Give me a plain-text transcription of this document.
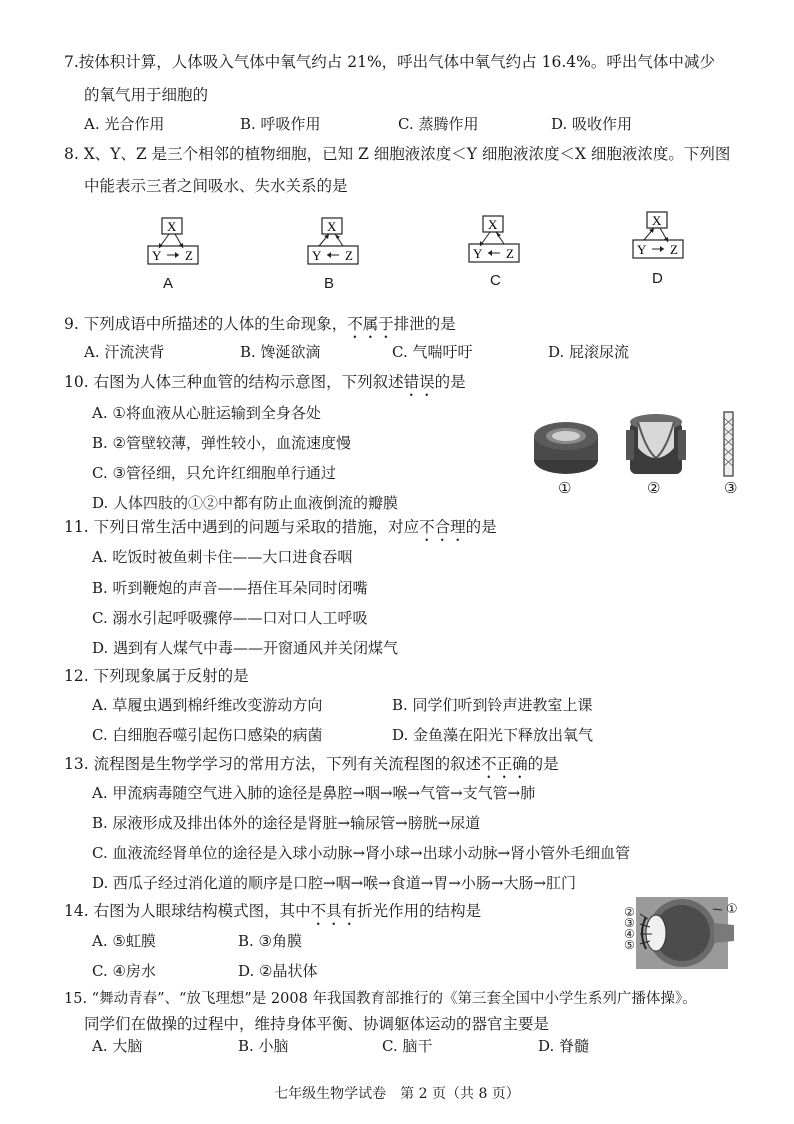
7.按体积计算，人体吸入气体中氧气约占 21%，呼出气体中氧气约占 16.4%。呼出气体中减少
的氧气用于细胞的
A. 光合作用	B. 呼吸作用	C. 蒸腾作用	D. 吸收作用
8. X、Y、Z 是三个相邻的植物细胞，已知 Z 细胞液浓度＜Y 细胞液浓度＜X 细胞液浓度。下列图
中能表示三者之间吸水、失水关系的是
X
Y Z
A
X
Y Z
B
X
Y Z
C
X
Y Z
D
9. 下列成语中所描述的人体的生命现象，不属于排泄的是
A. 汗流浃背	B. 馋涎欲滴	C. 气喘吁吁	D. 屁滚尿流
10. 右图为人体三种血管的结构示意图，下列叙述错误的是
A. ①将血液从心脏运输到全身各处
B. ②管壁较薄，弹性较小，血流速度慢
C. ③管径细，只允许红细胞单行通过
D. 人体四肢的①②中都有防止血液倒流的瓣膜
①	②	③
11. 下列日常生活中遇到的问题与采取的措施，对应不合理的是
A. 吃饭时被鱼刺卡住——大口进食吞咽
B. 听到鞭炮的声音——捂住耳朵同时闭嘴
C. 溺水引起呼吸骤停——口对口人工呼吸
D. 遇到有人煤气中毒——开窗通风并关闭煤气
12. 下列现象属于反射的是
A. 草履虫遇到棉纤维改变游动方向	B. 同学们听到铃声进教室上课
C. 白细胞吞噬引起伤口感染的病菌	D. 金鱼藻在阳光下释放出氧气
13. 流程图是生物学学习的常用方法，下列有关流程图的叙述不正确的是
A. 甲流病毒随空气进入肺的途径是鼻腔→咽→喉→气管→支气管→肺
B. 尿液形成及排出体外的途径是肾脏→输尿管→膀胱→尿道
C. 血液流经肾单位的途径是入球小动脉→肾小球→出球小动脉→肾小管外毛细血管
D. 西瓜子经过消化道的顺序是口腔→咽→喉→食道→胃→小肠→大肠→肛门
14. 右图为人眼球结构模式图，其中不具有折光作用的结构是
A. ⑤虹膜	B. ③角膜
C. ④房水	D. ②晶状体
①
②
③
④
⑤
15. “舞动青春”、“放飞理想”是 2008 年我国教育部推行的《第三套全国中小学生系列广播体操》。
同学们在做操的过程中，维持身体平衡、协调躯体运动的器官主要是
A. 大脑	B. 小脑	C. 脑干	D. 脊髓
七年级生物学试卷　第 2 页（共 8 页）
